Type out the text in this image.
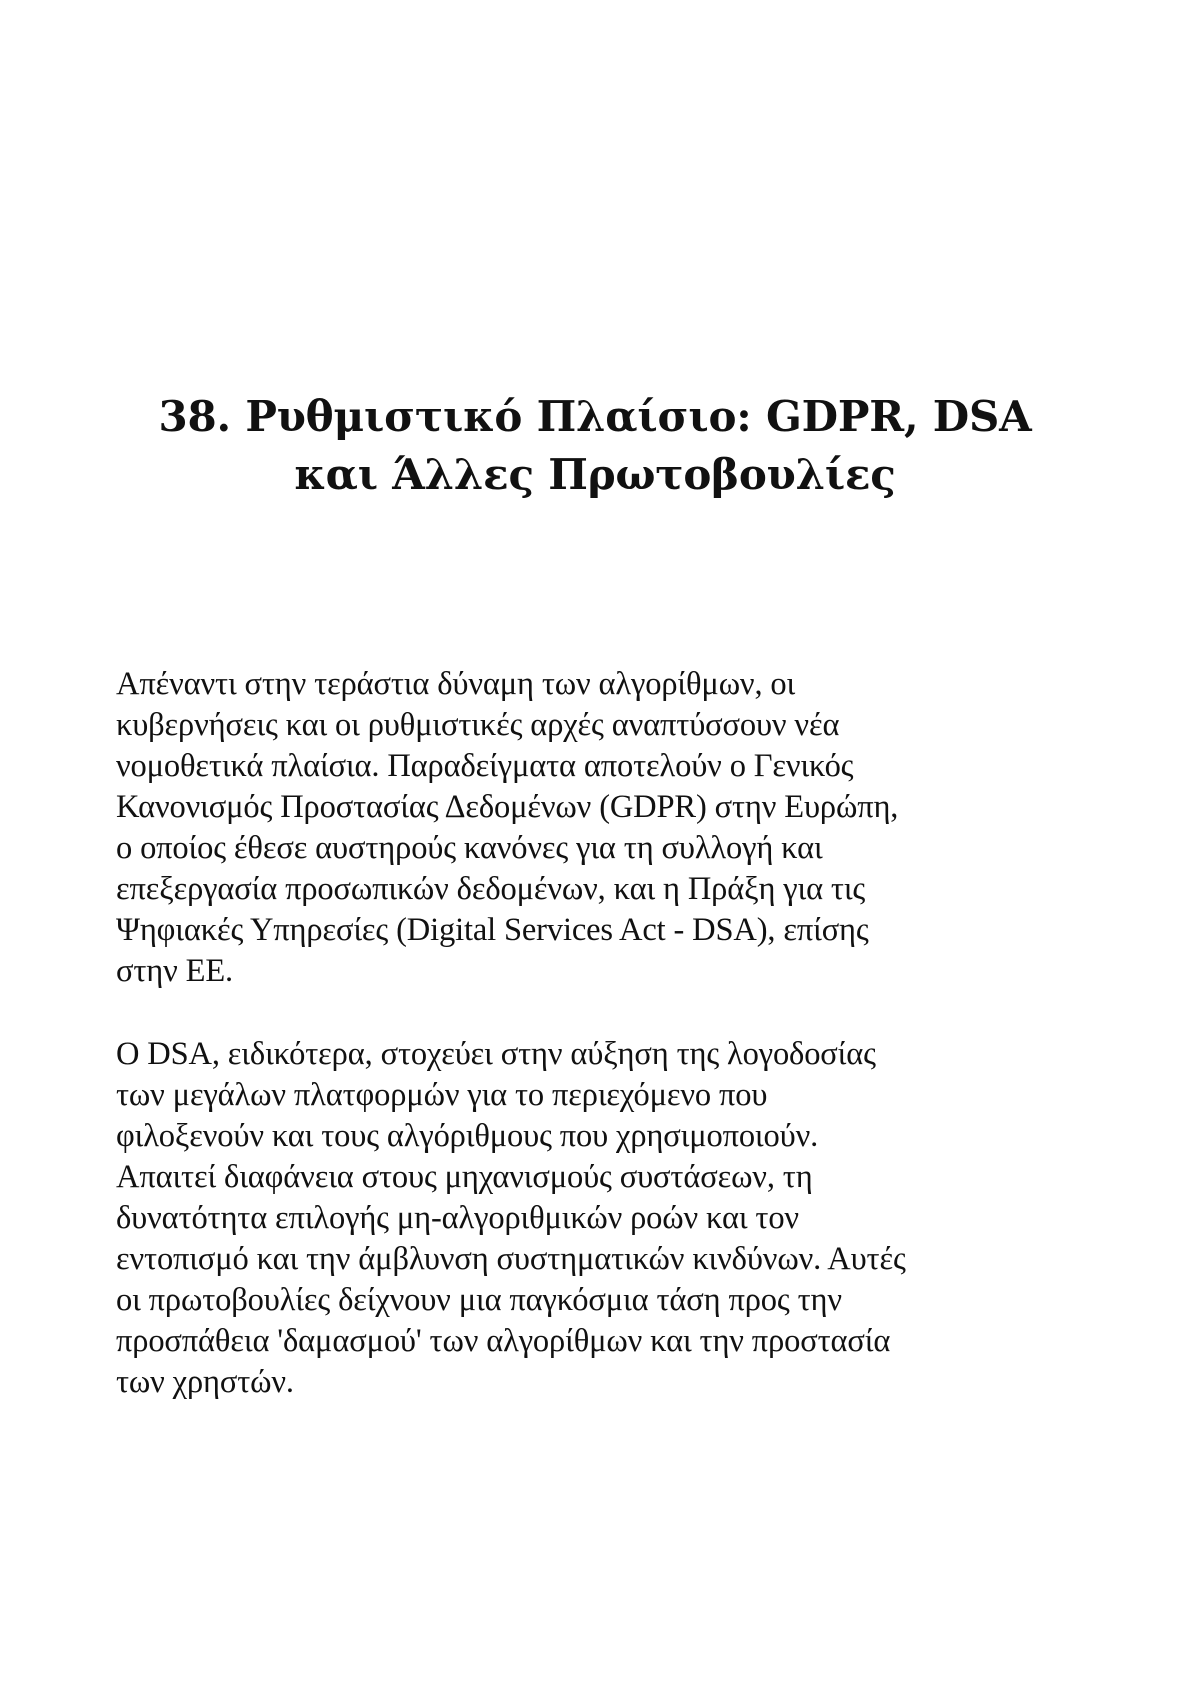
38. Ρυθμιστικό Πλαίσιο: GDPR, DSA
και Άλλες Πρωτοβουλίες

Απέναντι στην τεράστια δύναμη των αλγορίθμων, οι
κυβερνήσεις και οι ρυθμιστικές αρχές αναπτύσσουν νέα
νομοθετικά πλαίσια. Παραδείγματα αποτελούν ο Γενικός
Κανονισμός Προστασίας Δεδομένων (GDPR) στην Ευρώπη,
ο οποίος έθεσε αυστηρούς κανόνες για τη συλλογή και
επεξεργασία προσωπικών δεδομένων, και η Πράξη για τις
Ψηφιακές Υπηρεσίες (Digital Services Act - DSA), επίσης
στην ΕΕ.

Ο DSA, ειδικότερα, στοχεύει στην αύξηση της λογοδοσίας
των μεγάλων πλατφορμών για το περιεχόμενο που
φιλοξενούν και τους αλγόριθμους που χρησιμοποιούν.
Απαιτεί διαφάνεια στους μηχανισμούς συστάσεων, τη
δυνατότητα επιλογής μη-αλγοριθμικών ροών και τον
εντοπισμό και την άμβλυνση συστηματικών κινδύνων. Αυτές
οι πρωτοβουλίες δείχνουν μια παγκόσμια τάση προς την
προσπάθεια 'δαμασμού' των αλγορίθμων και την προστασία
των χρηστών.
